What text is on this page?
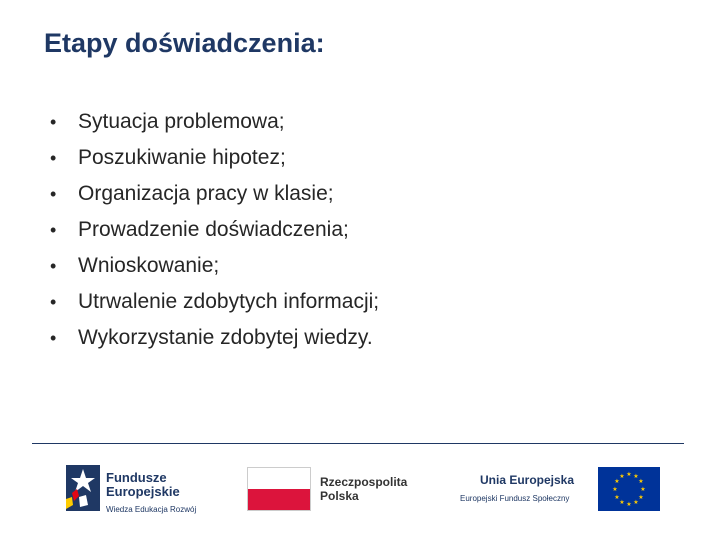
Etapy doświadczenia:
•	Sytuacja problemowa;
•	Poszukiwanie hipotez;
•	Organizacja pracy w klasie;
•	Prowadzenie doświadczenia;
•	Wnioskowanie;
•	Utrwalenie zdobytych informacji;
•	Wykorzystanie zdobytej wiedzy.
Fundusze
Europejskie
Wiedza Edukacja Rozwój
Rzeczpospolita
Polska
Unia Europejska
Europejski Fundusz Społeczny
★ ★
★
★
★
★
★
★
★
★
★
★
